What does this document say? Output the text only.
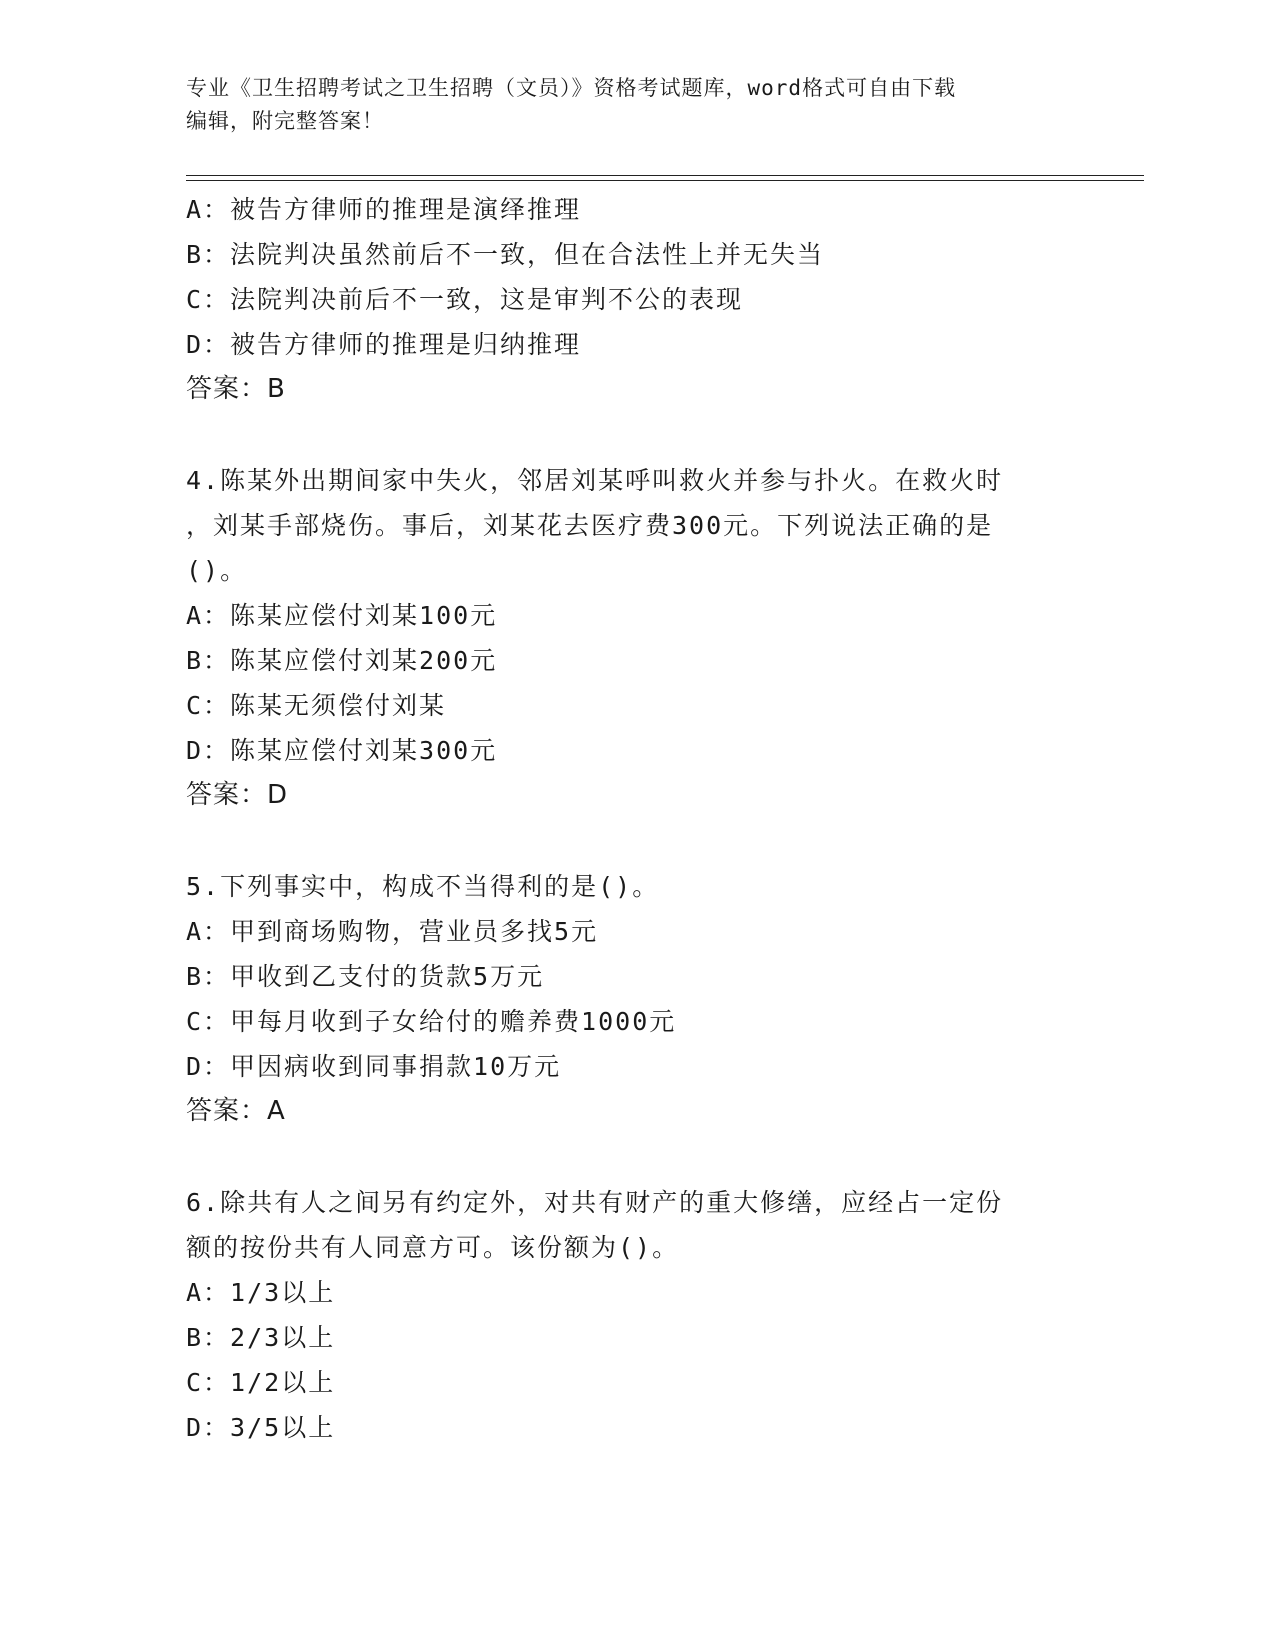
专业《卫生招聘考试之卫生招聘（文员）》资格考试题库，word格式可自由下载
编辑，附完整答案！
A：被告方律师的推理是演绎推理
B：法院判决虽然前后不一致，但在合法性上并无失当
C：法院判决前后不一致，这是审判不公的表现
D：被告方律师的推理是归纳推理
答案：B
4.陈某外出期间家中失火，邻居刘某呼叫救火并参与扑火。在救火时
，刘某手部烧伤。事后，刘某花去医疗费300元。下列说法正确的是
()。
A：陈某应偿付刘某100元
B：陈某应偿付刘某200元
C：陈某无须偿付刘某
D：陈某应偿付刘某300元
答案：D
5.下列事实中，构成不当得利的是()。
A：甲到商场购物，营业员多找5元
B：甲收到乙支付的货款5万元
C：甲每月收到子女给付的赡养费1000元
D：甲因病收到同事捐款10万元
答案：A
6.除共有人之间另有约定外，对共有财产的重大修缮，应经占一定份
额的按份共有人同意方可。该份额为()。
A：1/3以上
B：2/3以上
C：1/2以上
D：3/5以上
